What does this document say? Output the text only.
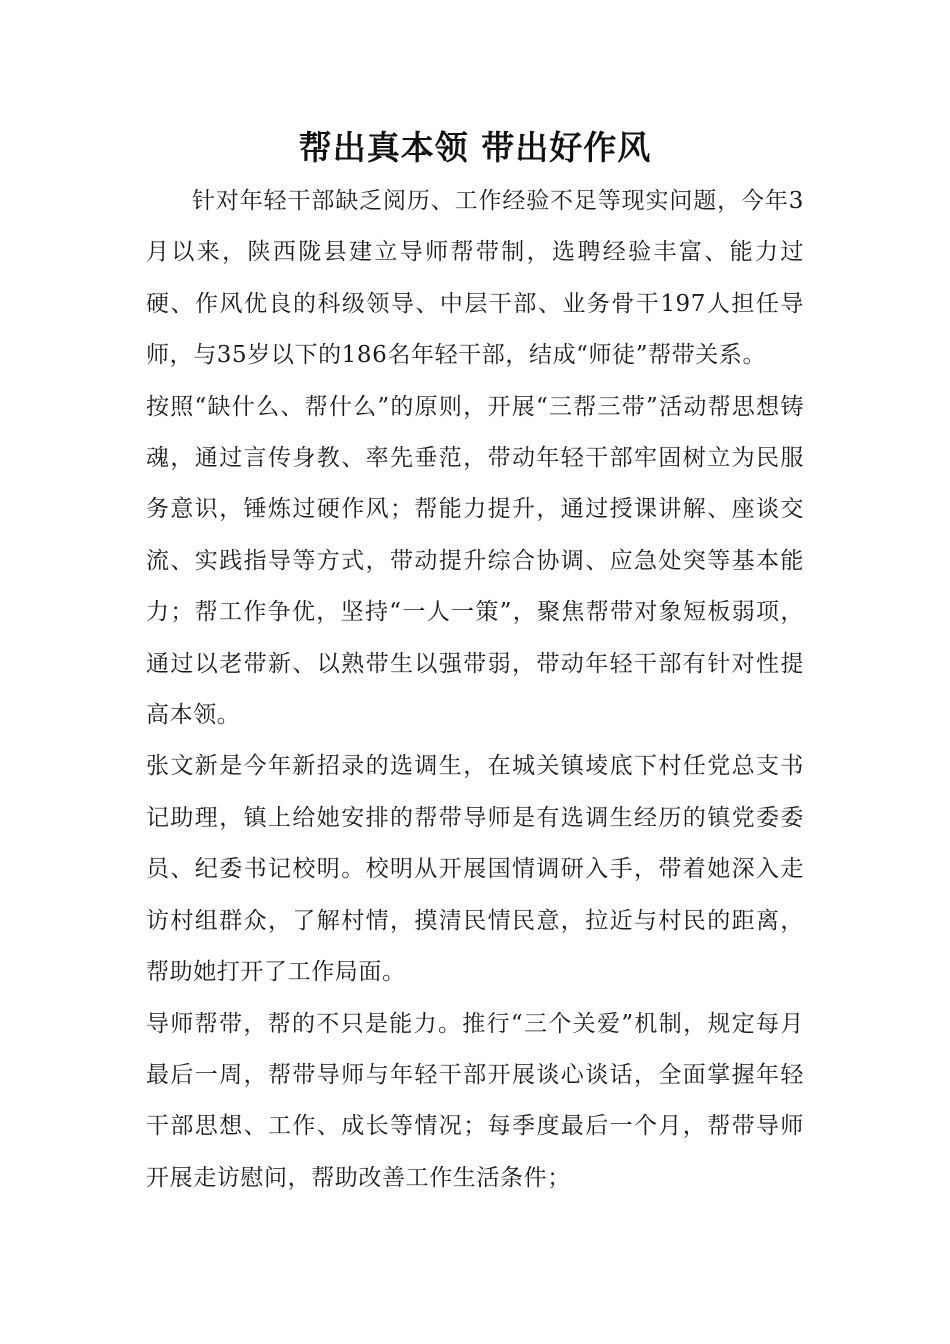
帮出真本领 带出好作风

针对年轻干部缺乏阅历、工作经验不足等现实问题，今年3月以来，陕西陇县建立导师帮带制，选聘经验丰富、能力过硬、作风优良的科级领导、中层干部、业务骨干197人担任导师，与35岁以下的186名年轻干部，结成“师徒”帮带关系。

按照“缺什么、帮什么”的原则，开展“三帮三带”活动帮思想铸魂，通过言传身教、率先垂范，带动年轻干部牢固树立为民服务意识，锤炼过硬作风；帮能力提升，通过授课讲解、座谈交流、实践指导等方式，带动提升综合协调、应急处突等基本能力；帮工作争优，坚持“一人一策”，聚焦帮带对象短板弱项，通过以老带新、以熟带生以强带弱，带动年轻干部有针对性提高本领。

张文新是今年新招录的选调生，在城关镇堎底下村任党总支书记助理，镇上给她安排的帮带导师是有选调生经历的镇党委委员、纪委书记校明。校明从开展国情调研入手，带着她深入走访村组群众，了解村情，摸清民情民意，拉近与村民的距离，帮助她打开了工作局面。

导师帮带，帮的不只是能力。推行“三个关爱”机制，规定每月最后一周，帮带导师与年轻干部开展谈心谈话，全面掌握年轻干部思想、工作、成长等情况；每季度最后一个月，帮带导师开展走访慰问，帮助改善工作生活条件；
